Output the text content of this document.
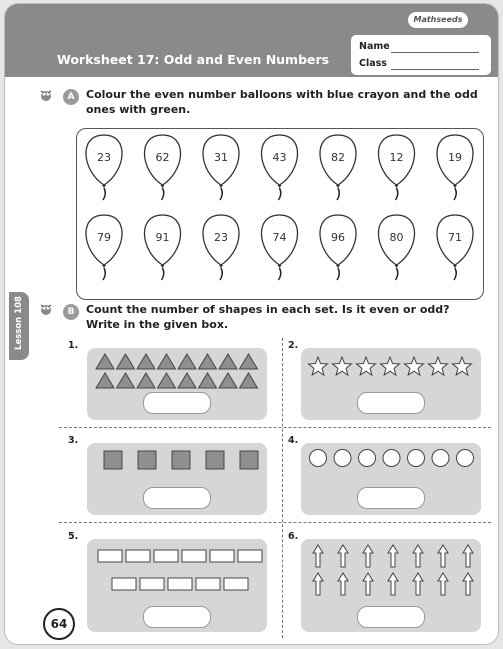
Worksheet 17: Odd and Even Numbers
Mathseeds
Name
Class
A	Colour the even number balloons with blue crayon and the odd
ones with green.
23	62	31	43	82	12	19
79	91	23	74	96	80	71
Lesson 108	B	Count the number of shapes in each set. Is it even or odd?
Write in the given box.
1.	2.
3.	4.
5.	6.
64
